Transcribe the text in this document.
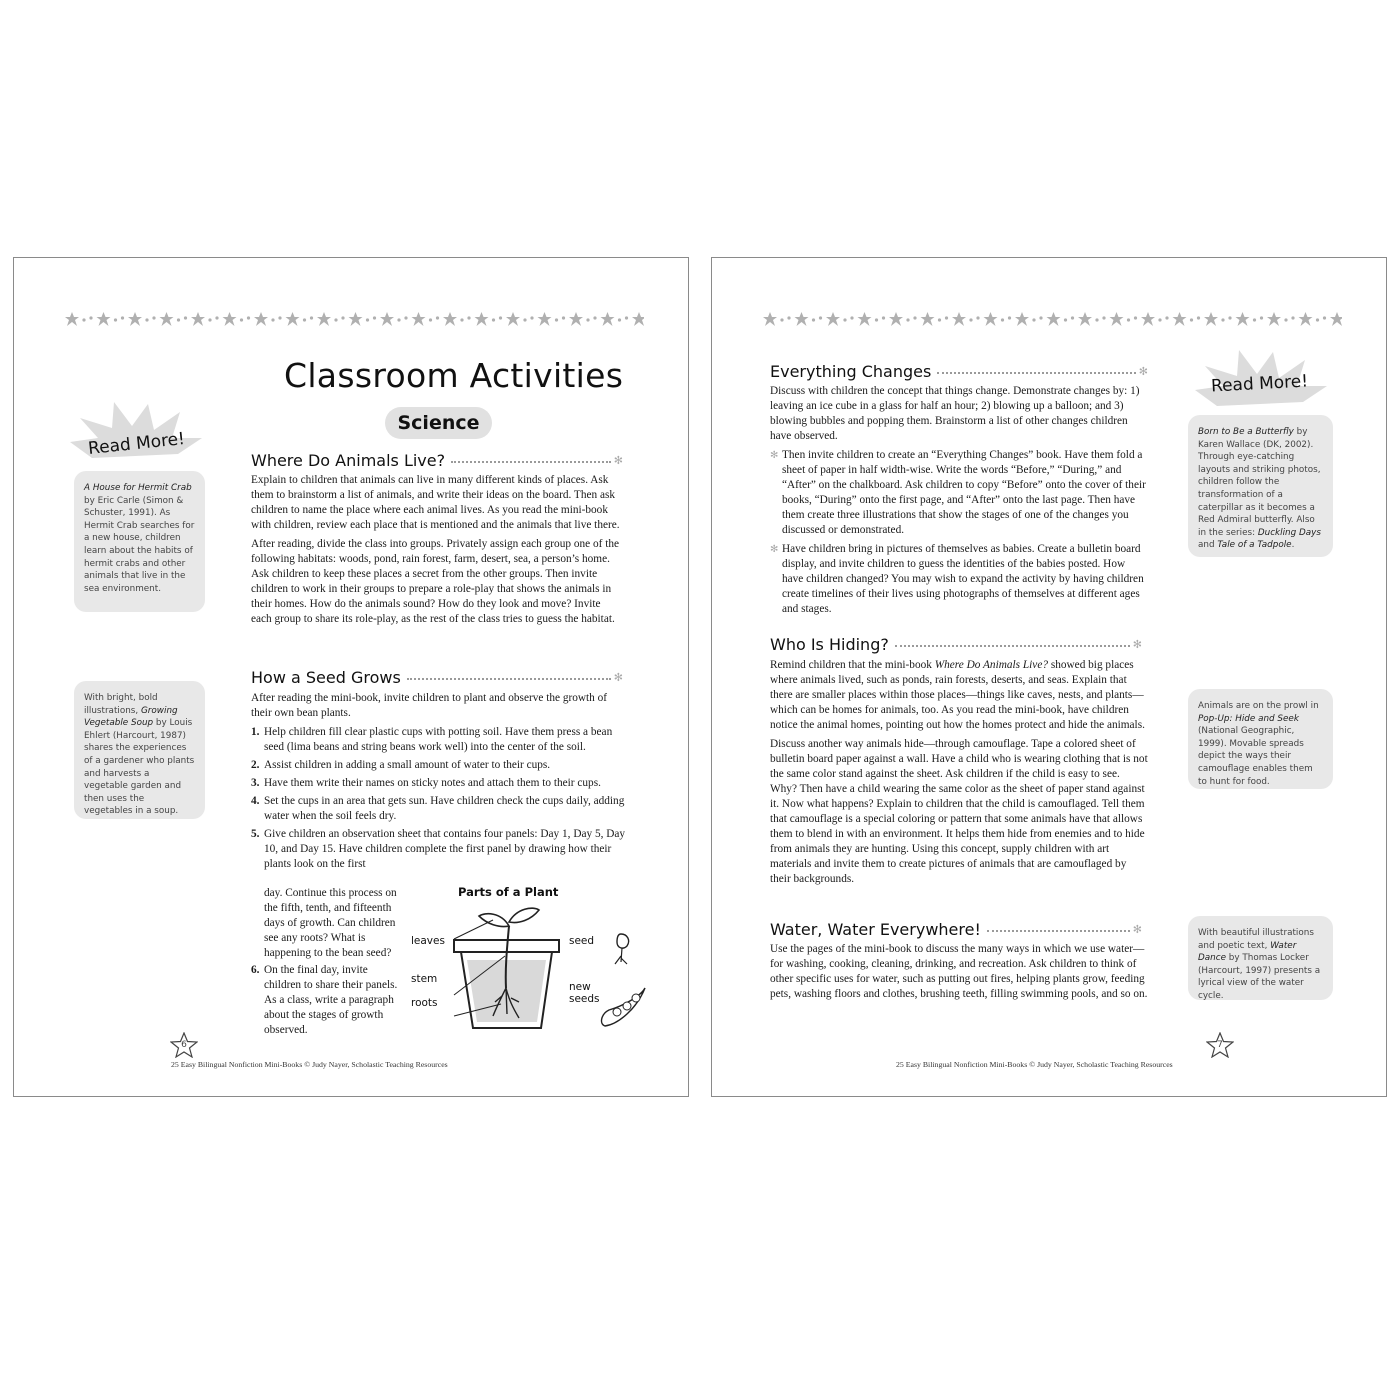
Classroom Activities
Science
Read More!
A House for Hermit Crab
by Eric Carle (Simon & Schuster, 1991). As Hermit Crab searches for a new house, children learn about the habits of hermit crabs and other animals that live in the sea environment.
With bright, bold illustrations, Growing Vegetable Soup by Louis Ehlert (Harcourt, 1987) shares the experiences of a gardener who plants and harvests a vegetable garden and then uses the vegetables in a soup.
Where Do Animals Live?	✻

Explain to children that animals can live in many different kinds of places. Ask them to brainstorm a list of animals, and write their ideas on the board. Then ask children to name the place where each animal lives. As you read the mini-book with children, review each place that is mentioned and the animals that live there.

After reading, divide the class into groups. Privately assign each group one of the following habitats: woods, pond, rain forest, farm, desert, sea, a person’s home. Ask children to keep these places a secret from the other groups. Then invite children to work in their groups to prepare a role-play that shows the animals in their homes. How do the animals sound? How do they look and move? Invite each group to share its role-play, as the rest of the class tries to guess the habitat.

How a Seed Grows	✻

After reading the mini-book, invite children to plant and observe the growth of their own bean plants.

1. Help children fill clear plastic cups with potting soil. Have them press a bean seed (lima beans and string beans work well) into the center of the soil.
2. Assist children in adding a small amount of water to their cups.
3. Have them write their names on sticky notes and attach them to their cups.
4. Set the cups in an area that gets sun. Have children check the cups daily, adding water when the soil feels dry.
5. Give children an observation sheet that contains four panels: Day 1, Day 5, Day 10, and Day 15. Have children complete the first panel by drawing how their plants look on the first
day. Continue this process on the fifth, tenth, and fifteenth days of growth. Can children see any roots? What is happening to the bean seed?
6. On the final day, invite children to share their panels. As a class, write a paragraph about the stages of growth observed.
Parts of a Plant
leaves
stem
roots
seed
new seeds
6
25 Easy Bilingual Nonfiction Mini-Books © Judy Nayer, Scholastic Teaching Resources
Everything Changes	✻

Discuss with children the concept that things change. Demonstrate changes by: 1) leaving an ice cube in a glass for half an hour; 2) blowing up a balloon; and 3) blowing bubbles and popping them. Brainstorm a list of other changes children have observed.

✻ Then invite children to create an “Everything Changes” book. Have them fold a sheet of paper in half width-wise. Write the words “Before,” “During,” and “After” on the chalkboard. Ask children to copy “Before” onto the cover of their books, “During” onto the first page, and “After” onto the last page. Then have them create three illustrations that show the stages of one of the changes you discussed or demonstrated.
✻ Have children bring in pictures of themselves as babies. Create a bulletin board display, and invite children to guess the identities of the babies posted. How have children changed? You may wish to expand the activity by having children create timelines of their lives using photographs of themselves at different ages and stages.
Who Is Hiding?	✻

Remind children that the mini-book Where Do Animals Live? showed big places where animals lived, such as ponds, rain forests, deserts, and seas. Explain that there are smaller places within those places—things like caves, nests, and plants—which can be homes for animals, too. As you read the mini-book, have children notice the animal homes, pointing out how the homes protect and hide the animals.

Discuss another way animals hide—through camouflage. Tape a colored sheet of bulletin board paper against a wall. Have a child who is wearing clothing that is not the same color stand against the sheet. Ask children if the child is easy to see. Why? Then have a child wearing the same color as the sheet of paper stand against it. Now what happens? Explain to children that the child is camouflaged. Tell them that camouflage is a special coloring or pattern that some animals have that allows them to blend in with an environment. It helps them hide from enemies and to hide from animals they are hunting. Using this concept, supply children with art materials and invite them to create pictures of animals that are camouflaged by their backgrounds.

Water, Water Everywhere!	✻

Use the pages of the mini-book to discuss the many ways in which we use water—for washing, cooking, cleaning, drinking, and recreation. Ask children to think of other specific uses for water, such as putting out fires, helping plants grow, feeding pets, washing floors and clothes, brushing teeth, filling swimming pools, and so on.

Read More!
Born to Be a Butterfly by Karen Wallace (DK, 2002). Through eye-catching layouts and striking photos, children follow the transformation of a caterpillar as it becomes a Red Admiral butterfly. Also in the series: Duckling Days and Tale of a Tadpole.
Animals are on the prowl in Pop-Up: Hide and Seek (National Geographic, 1999). Movable spreads depict the ways their camouflage enables them to hunt for food.
With beautiful illustrations and poetic text, Water Dance by Thomas Locker (Harcourt, 1997) presents a lyrical view of the water cycle.
7
25 Easy Bilingual Nonfiction Mini-Books © Judy Nayer, Scholastic Teaching Resources
